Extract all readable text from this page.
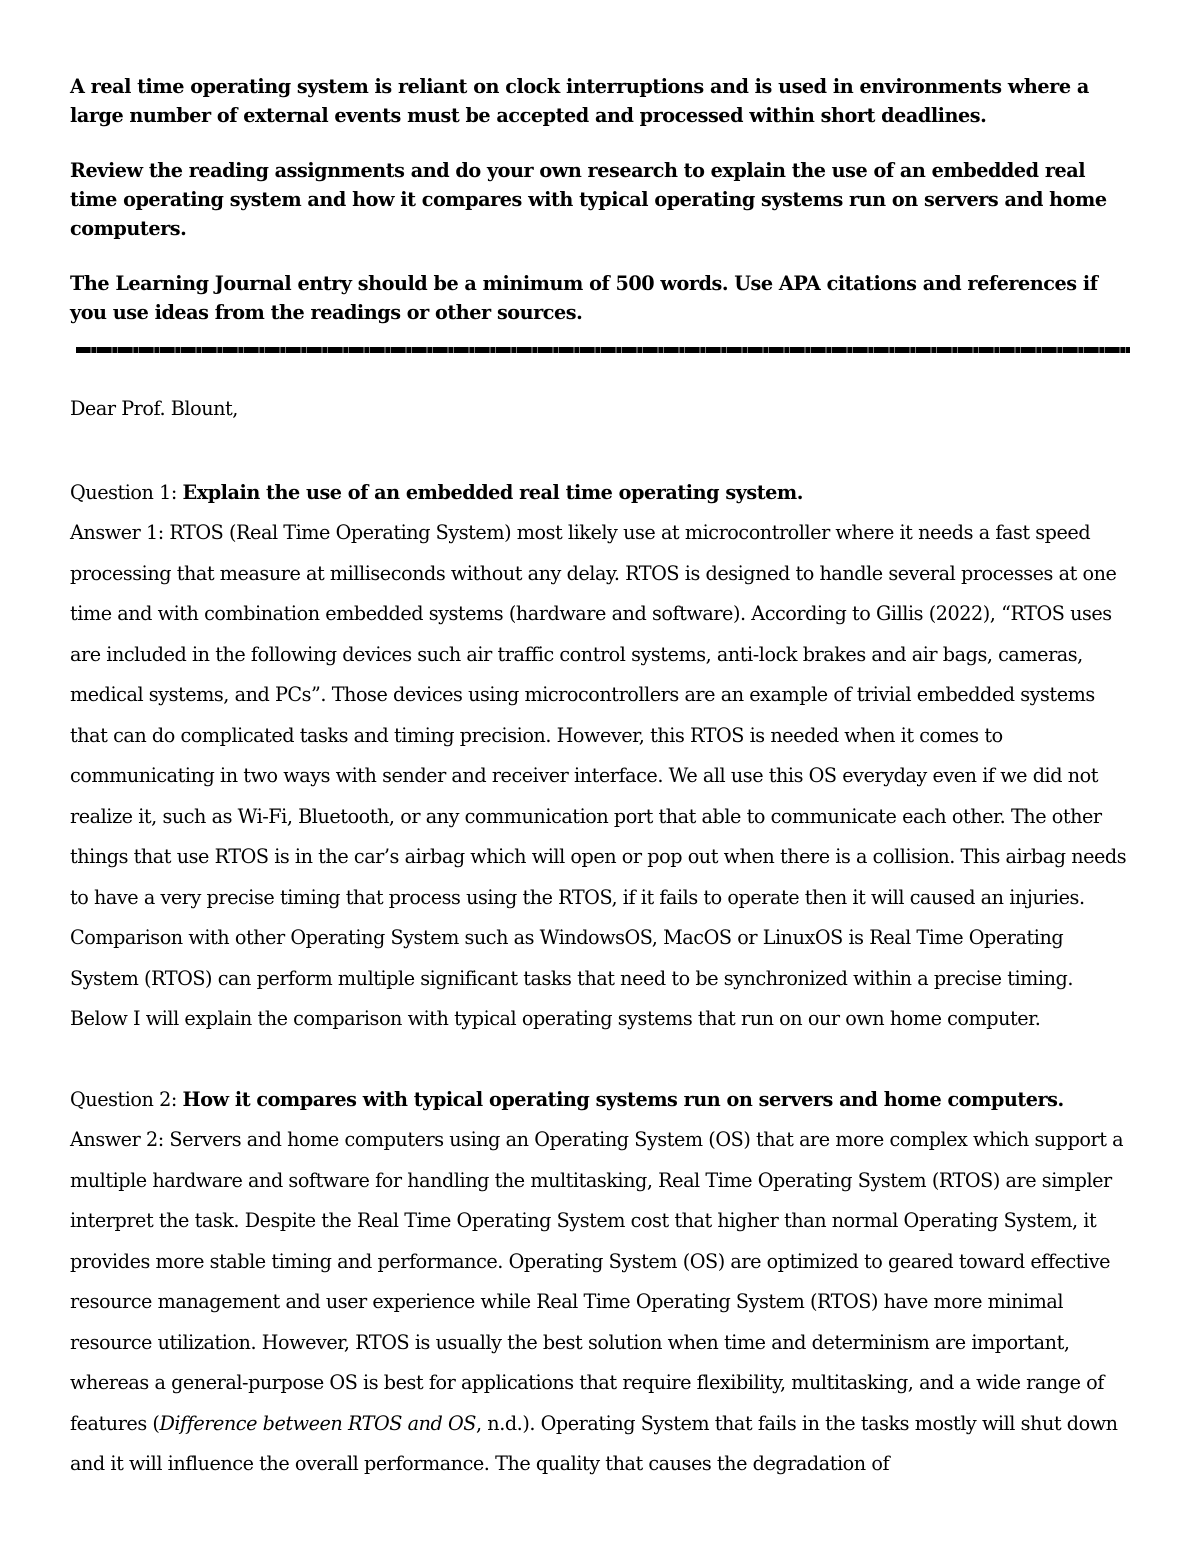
A real time operating system is reliant on clock interruptions and is used in environments where a large number of external events must be accepted and processed within short deadlines.

Review the reading assignments and do your own research to explain the use of an embedded real time operating system and how it compares with typical operating systems run on servers and home computers.

The Learning Journal entry should be a minimum of 500 words. Use APA citations and references if you use ideas from the readings or other sources.

Dear Prof. Blount,

Question 1: Explain the use of an embedded real time operating system.

Answer 1: RTOS (Real Time Operating System) most likely use at microcontroller where it needs a fast speed processing that measure at milliseconds without any delay. RTOS is designed to handle several processes at one time and with combination embedded systems (hardware and software). According to Gillis (2022), “RTOS uses are included in the following devices such air traffic control systems, anti-lock brakes and air bags, cameras, medical systems, and PCs”. Those devices using microcontrollers are an example of trivial embedded systems that can do complicated tasks and timing precision. However, this RTOS is needed when it comes to communicating in two ways with sender and receiver interface. We all use this OS everyday even if we did not realize it, such as Wi-Fi, Bluetooth, or any communication port that able to communicate each other. The other things that use RTOS is in the car’s airbag which will open or pop out when there is a collision. This airbag needs to have a very precise timing that process using the RTOS, if it fails to operate then it will caused an injuries. Comparison with other Operating System such as WindowsOS, MacOS or LinuxOS is Real Time Operating System (RTOS) can perform multiple significant tasks that need to be synchronized within a precise timing. Below I will explain the comparison with typical operating systems that run on our own home computer.

Question 2: How it compares with typical operating systems run on servers and home computers.

Answer 2: Servers and home computers using an Operating System (OS) that are more complex which support a multiple hardware and software for handling the multitasking, Real Time Operating System (RTOS) are simpler interpret the task. Despite the Real Time Operating System cost that higher than normal Operating System, it provides more stable timing and performance. Operating System (OS) are optimized to geared toward effective resource management and user experience while Real Time Operating System (RTOS) have more minimal resource utilization. However, RTOS is usually the best solution when time and determinism are important, whereas a general-purpose OS is best for applications that require flexibility, multitasking, and a wide range of features (Difference between RTOS and OS, n.d.). Operating System that fails in the tasks mostly will shut down and it will influence the overall performance. The quality that causes the degradation of
